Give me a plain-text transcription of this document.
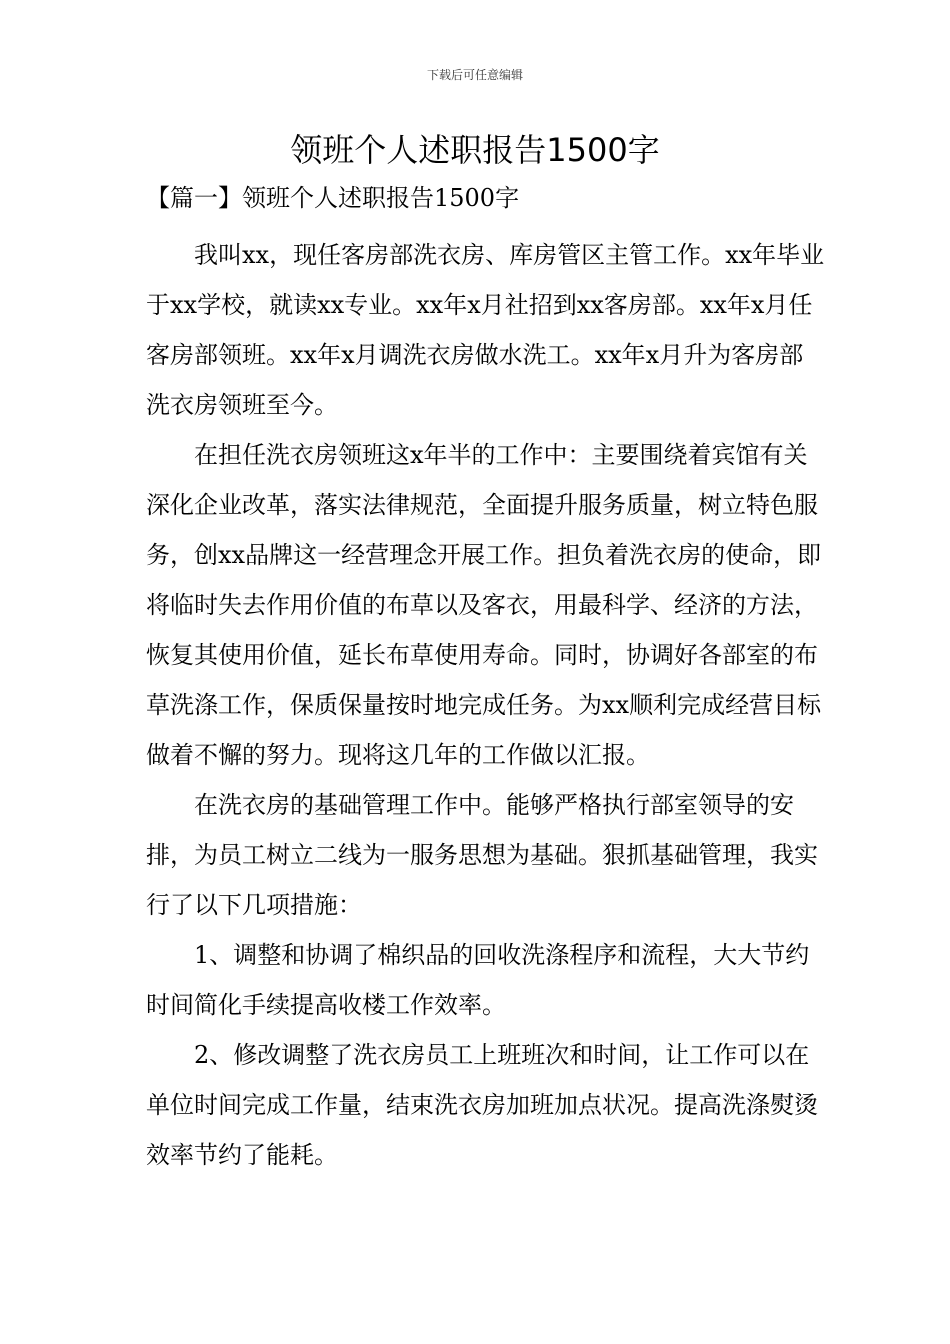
下载后可任意编辑
领班个人述职报告1500字
【篇一】领班个人述职报告1500字

我叫xx，现任客房部洗衣房、库房管区主管工作。xx年毕业于xx学校，就读xx专业。xx年x月社招到xx客房部。xx年x月任客房部领班。xx年x月调洗衣房做水洗工。xx年x月升为客房部洗衣房领班至今。

在担任洗衣房领班这x年半的工作中：主要围绕着宾馆有关深化企业改革，落实法律规范，全面提升服务质量，树立特色服务，创xx品牌这一经营理念开展工作。担负着洗衣房的使命，即将临时失去作用价值的布草以及客衣，用最科学、经济的方法，恢复其使用价值，延长布草使用寿命。同时，协调好各部室的布草洗涤工作，保质保量按时地完成任务。为xx顺利完成经营目标做着不懈的努力。现将这几年的工作做以汇报。

在洗衣房的基础管理工作中。能够严格执行部室领导的安排，为员工树立二线为一服务思想为基础。狠抓基础管理，我实行了以下几项措施：

1、调整和协调了棉织品的回收洗涤程序和流程，大大节约时间简化手续提高收楼工作效率。

2、修改调整了洗衣房员工上班班次和时间，让工作可以在单位时间完成工作量，结束洗衣房加班加点状况。提高洗涤熨烫效率节约了能耗。
